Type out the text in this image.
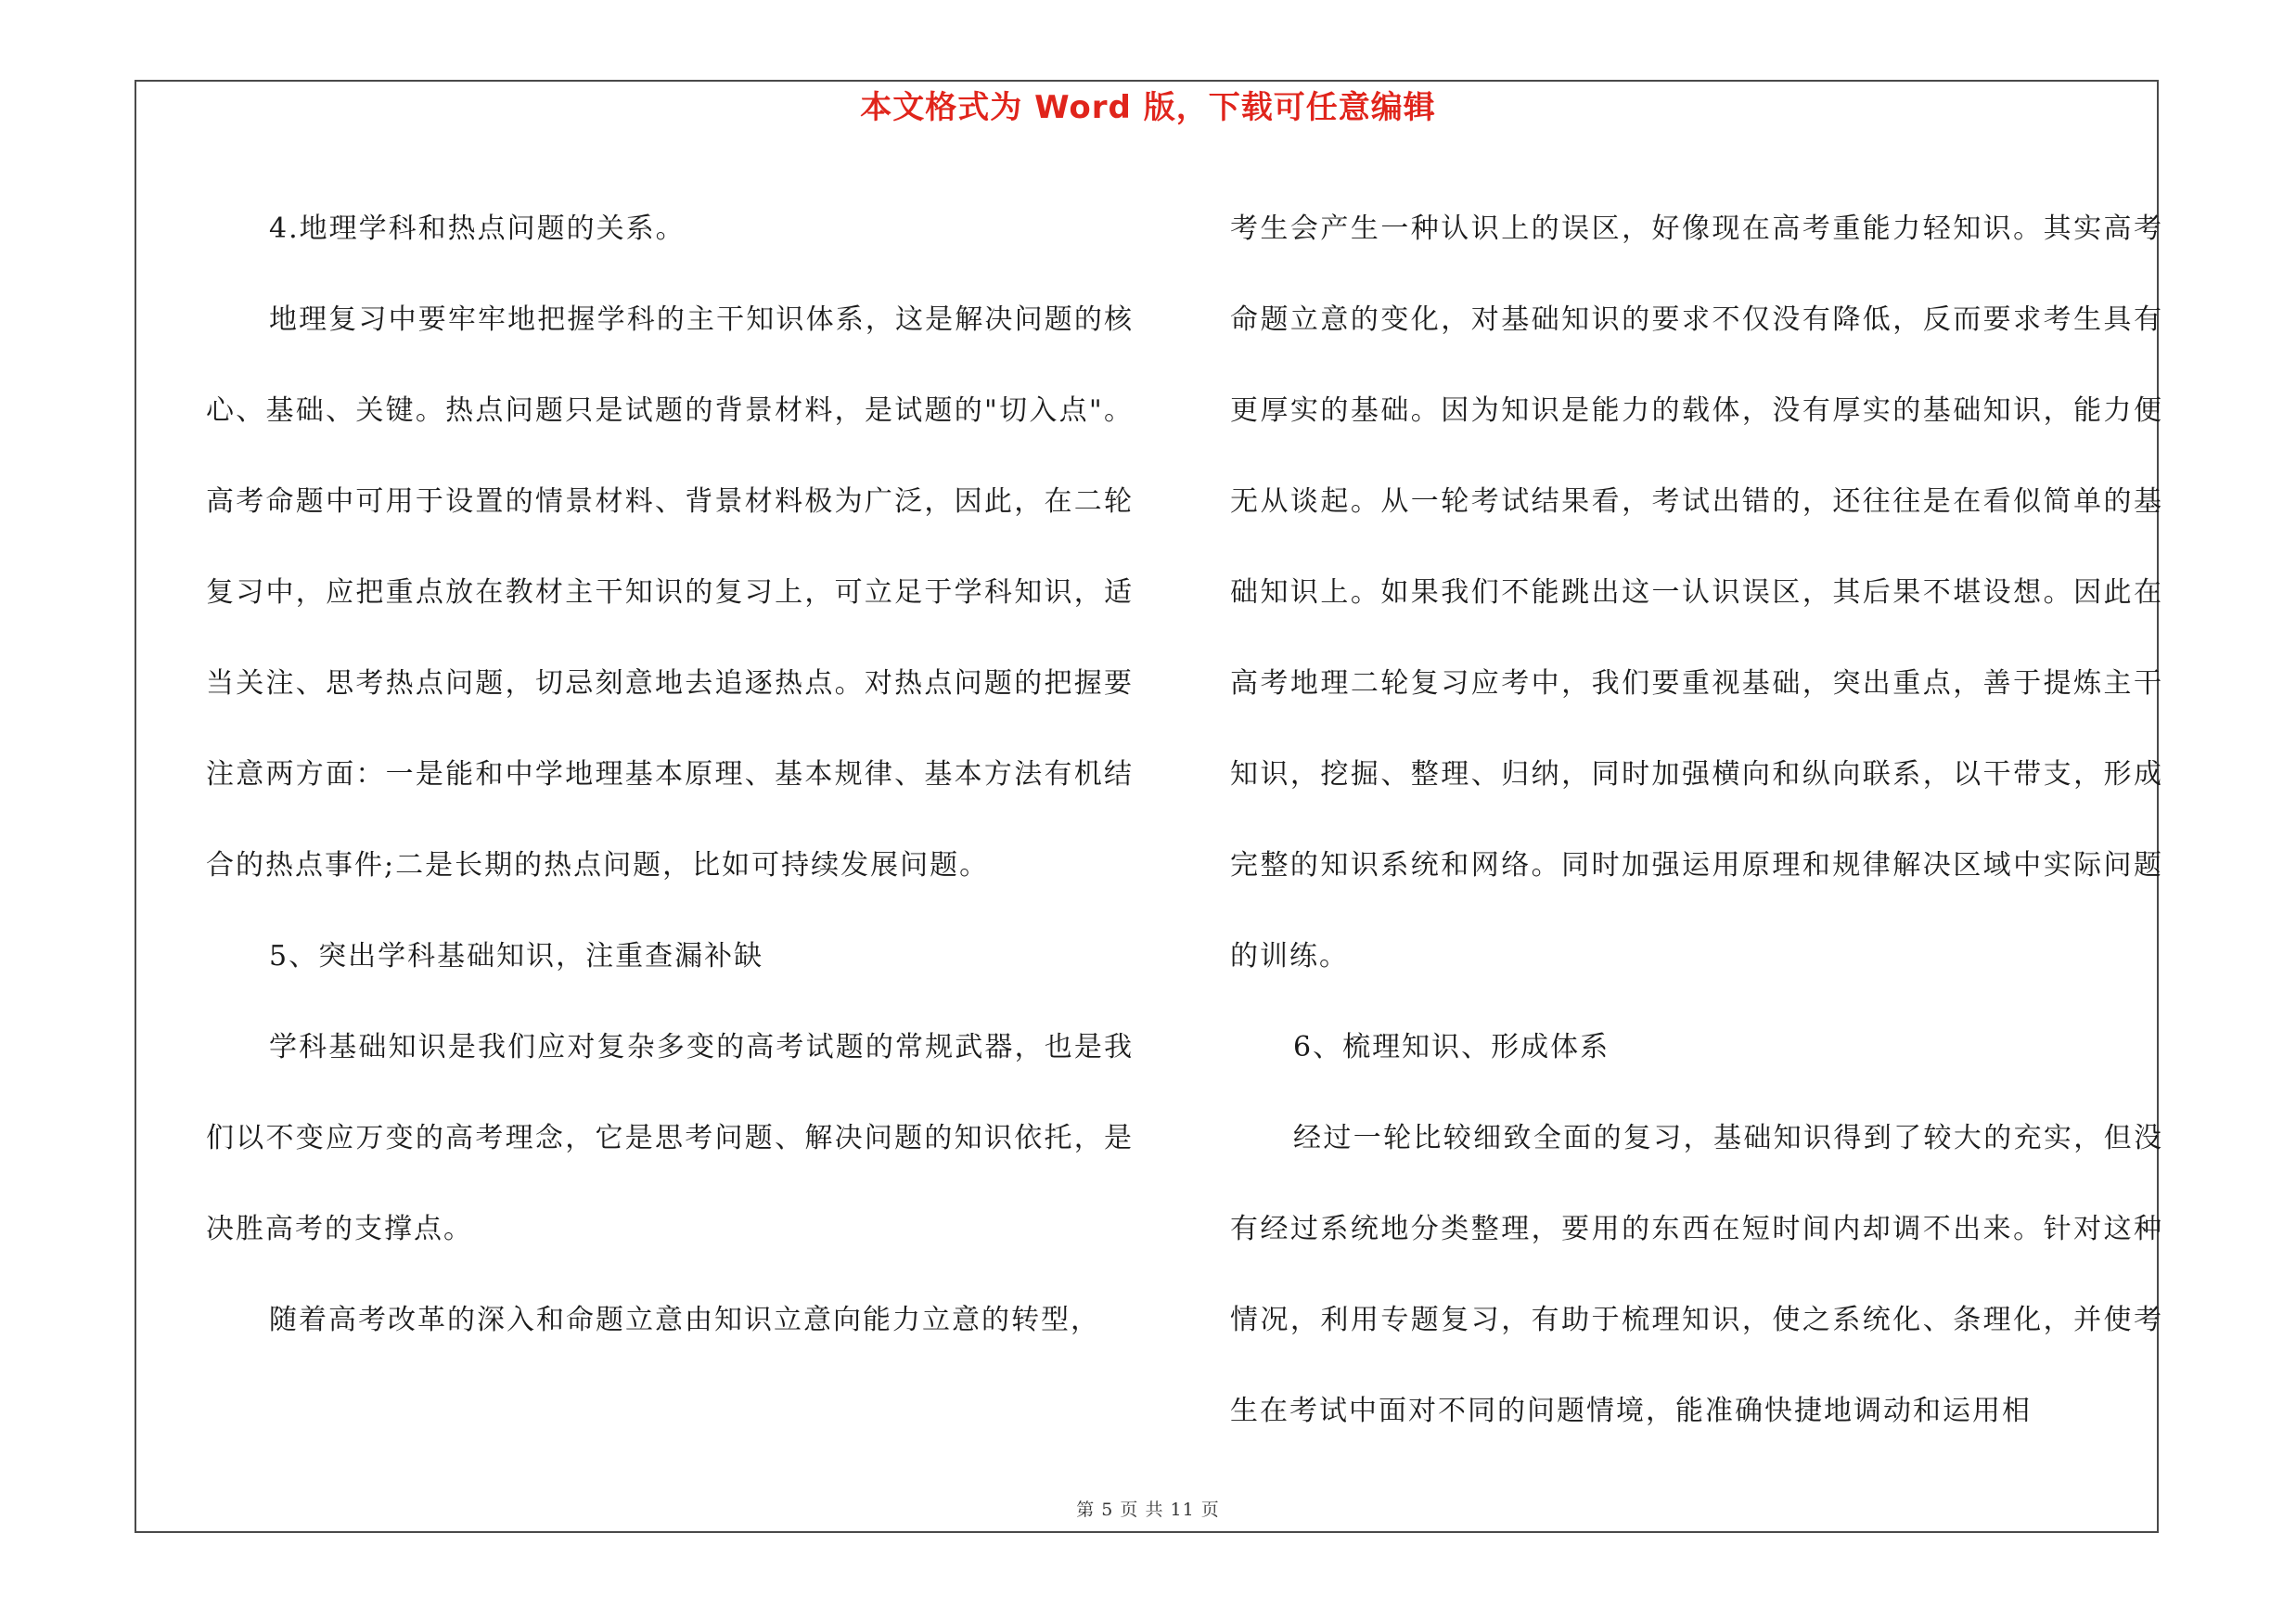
本文格式为 Word 版，下载可任意编辑

4.地理学科和热点问题的关系。

地理复习中要牢牢地把握学科的主干知识体系，这是解决问题的核心、基础、关键。热点问题只是试题的背景材料，是试题的"切入点"。高考命题中可用于设置的情景材料、背景材料极为广泛，因此，在二轮复习中，应把重点放在教材主干知识的复习上，可立足于学科知识，适当关注、思考热点问题，切忌刻意地去追逐热点。对热点问题的把握要注意两方面：一是能和中学地理基本原理、基本规律、基本方法有机结合的热点事件;二是长期的热点问题，比如可持续发展问题。

5、突出学科基础知识，注重查漏补缺

学科基础知识是我们应对复杂多变的高考试题的常规武器，也是我们以不变应万变的高考理念，它是思考问题、解决问题的知识依托，是决胜高考的支撑点。

随着高考改革的深入和命题立意由知识立意向能力立意的转型，

考生会产生一种认识上的误区，好像现在高考重能力轻知识。其实高考命题立意的变化，对基础知识的要求不仅没有降低，反而要求考生具有更厚实的基础。因为知识是能力的载体，没有厚实的基础知识，能力便无从谈起。从一轮考试结果看，考试出错的，还往往是在看似简单的基础知识上。如果我们不能跳出这一认识误区，其后果不堪设想。因此在高考地理二轮复习应考中，我们要重视基础，突出重点，善于提炼主干知识，挖掘、整理、归纳，同时加强横向和纵向联系，以干带支，形成完整的知识系统和网络。同时加强运用原理和规律解决区域中实际问题的训练。

6、梳理知识、形成体系

经过一轮比较细致全面的复习，基础知识得到了较大的充实，但没有经过系统地分类整理，要用的东西在短时间内却调不出来。针对这种情况，利用专题复习，有助于梳理知识，使之系统化、条理化，并使考生在考试中面对不同的问题情境，能准确快捷地调动和运用相

第 5 页 共 11 页
